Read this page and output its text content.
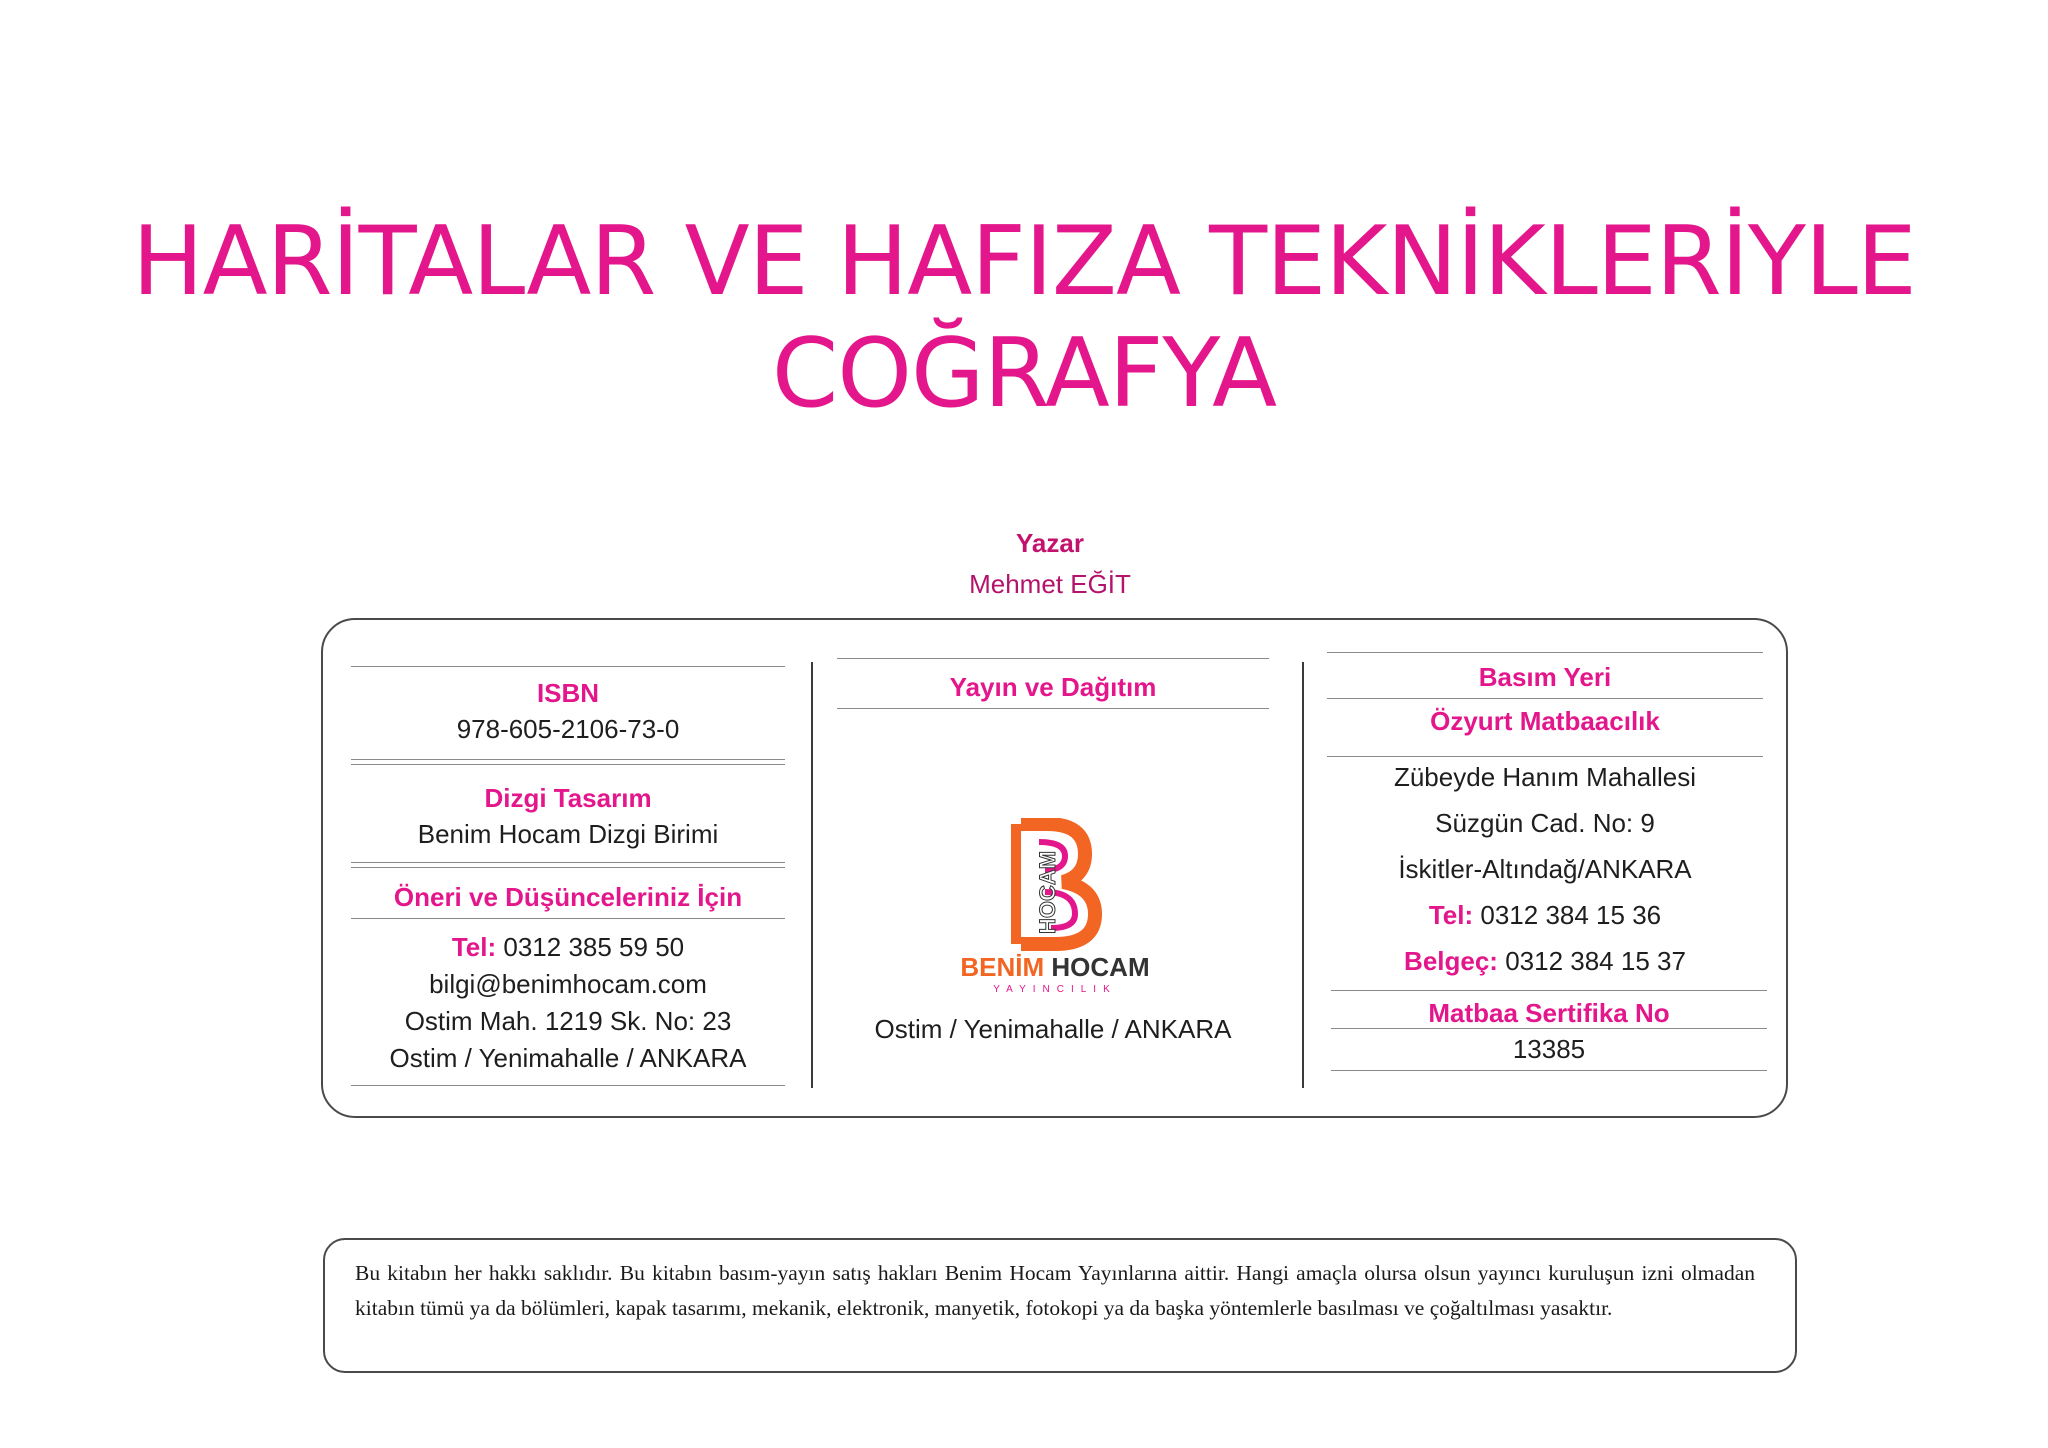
HARİTALAR VE HAFIZA TEKNİKLERİYLE
COĞRAFYA
Yazar
Mehmet EĞİT
ISBN
978-605-2106-73-0
Dizgi Tasarım
Benim Hocam Dizgi Birimi
Öneri ve Düşünceleriniz İçin
Tel: 0312 385 59 50
bilgi@benimhocam.com
Ostim Mah. 1219 Sk. No: 23
Ostim / Yenimahalle / ANKARA
Yayın ve Dağıtım
Ostim / Yenimahalle / ANKARA
Basım Yeri
Özyurt Matbaacılık
Zübeyde Hanım Mahallesi
Süzgün Cad. No: 9
İskitler-Altındağ/ANKARA
Tel: 0312 384 15 36
Belgeç: 0312 384 15 37
Matbaa Sertifika No
13385
HOCAM
BENİM HOCAM
YAYINCILIK
Bu kitabın her hakkı saklıdır. Bu kitabın basım-yayın satış hakları Benim Hocam Yayınlarına aittir. Hangi amaçla olursa olsun yayıncı kuruluşun izni olmadan kitabın tümü ya da bölümleri, kapak tasarımı, mekanik, elektronik, manyetik, fotokopi ya da başka yöntemlerle basılması ve çoğaltılması yasaktır.
